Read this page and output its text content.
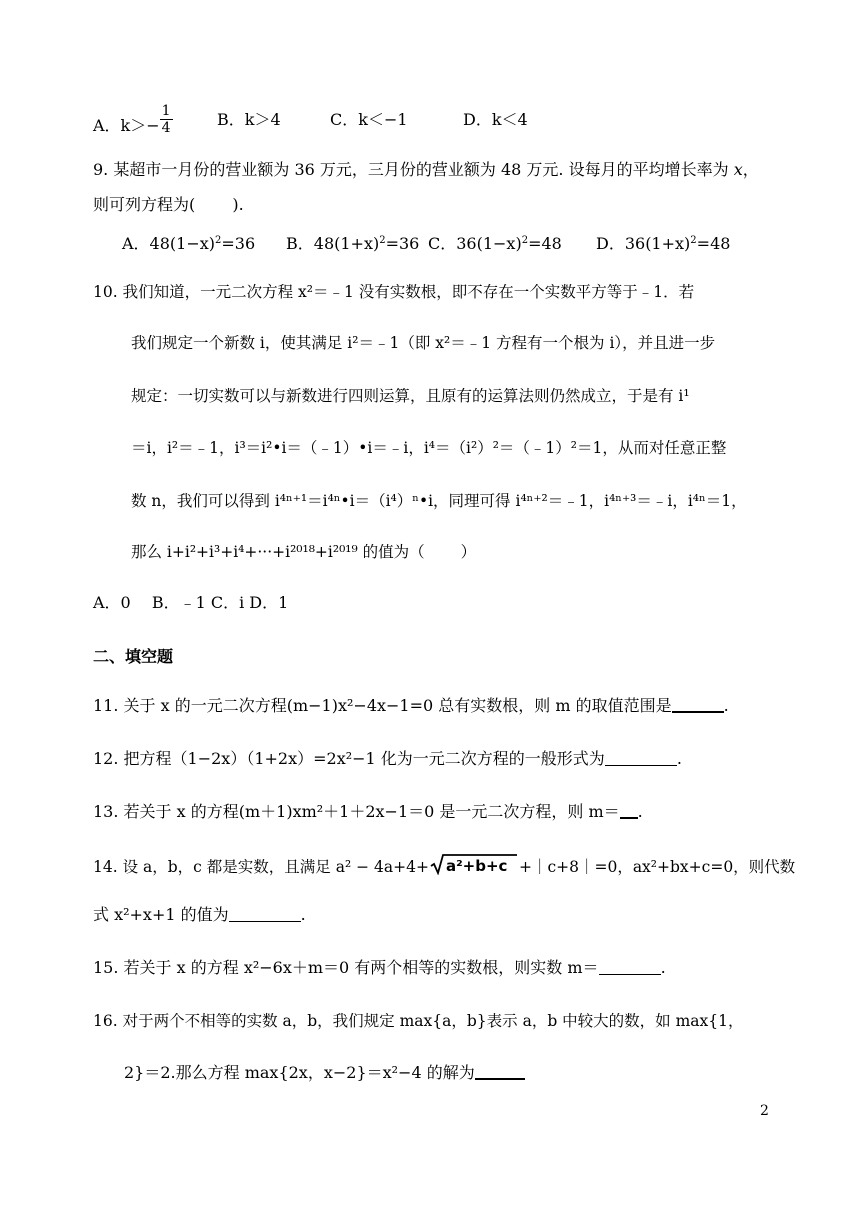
A．$k>- \frac{1}{4}$	B．k＞4	C．k＜−1	D．k＜4
9. 某超市一月份的营业额为 36 万元，三月份的营业额为 48 万元. 设每月的平均增长率为 x，
则可列方程为(　　 ).
A．$48(1-x)^2=36$ B．$48(1+x)^2=36$ C．$36(1-x)^2=48$ D．$36(1+x)^2=48$
10. 我们知道，一元二次方程 x²＝﹣1 没有实数根，即不存在一个实数平方等于﹣1．若
我们规定一个新数 i，使其满足 i²＝﹣1（即 x²＝﹣1 方程有一个根为 i），并且进一步
规定：一切实数可以与新数进行四则运算，且原有的运算法则仍然成立，于是有 i¹
＝i，i²＝﹣1，i³＝i²•i＝（﹣1）•i＝﹣i，i⁴＝（i²）²＝（﹣1）²＝1，从而对任意正整
数 n，我们可以得到 i⁴ⁿ⁺¹＝i⁴ⁿ•i＝（i⁴）ⁿ•i，同理可得 i⁴ⁿ⁺²＝﹣1，i⁴ⁿ⁺³＝﹣i，i⁴ⁿ＝1，
那么 i+i²+i³+i⁴+···+i²⁰¹⁸+i²⁰¹⁹ 的值为（　　 ）
A．0　 B．﹣1 C．i D．1
二、填空题
11. 关于 x 的一元二次方程(m−1)x²−4x−1=0 总有实数根，则 m 的取值范围是	.
12. 把方程（1−2x）（1+2x）=2x²−1 化为一元二次方程的一般形式为	.
13. 若关于 x 的方程(m＋1)xm²＋1＋2x−1＝0 是一元二次方程，则 m＝ .
14. 设 a，b，c 都是实数，且满足 a² − 4a+4+ a²+b+c +｜c+8｜=0，ax²+bx+c=0，则代数
式 x²+x+1 的值为	.
15. 若关于 x 的方程 x²−6x＋m＝0 有两个相等的实数根，则实数 m＝	.
16. 对于两个不相等的实数 a，b，我们规定 max{a，b}表示 a，b 中较大的数，如 max{1，
2}＝2.那么方程 max{2x，x−2}＝x²−4 的解为
2
